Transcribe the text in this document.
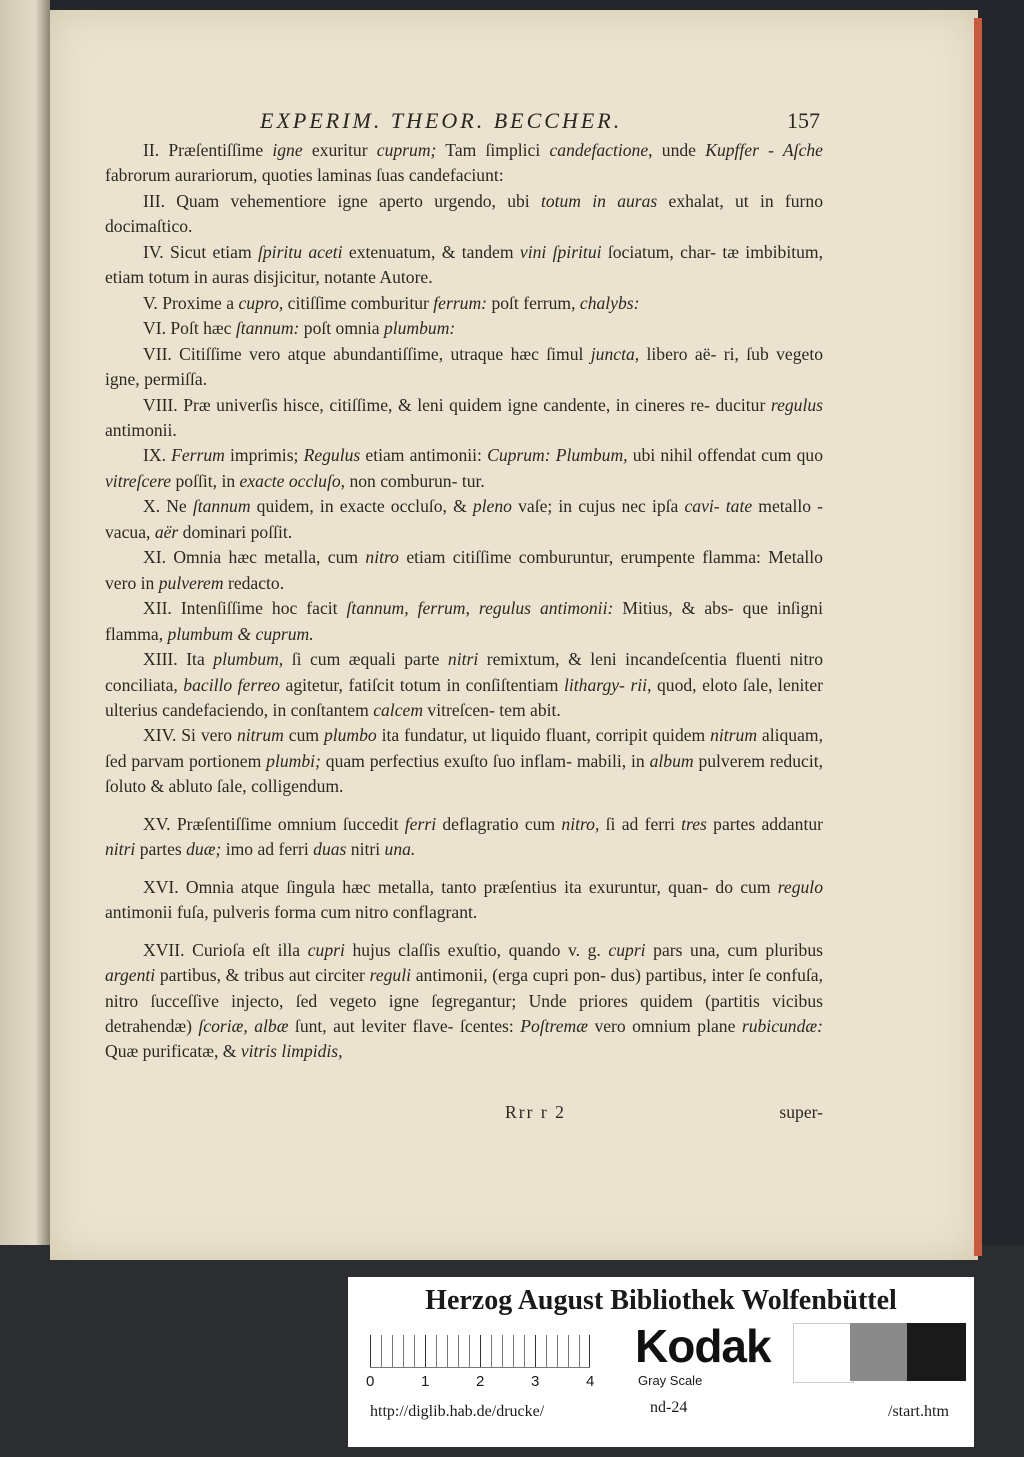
EXPERIM. THEOR. BECCHER.	157

II. Præſentiſſime igne exuritur cuprum; Tam ſimplici candefactione, unde Kupffer - Aſche fabrorum aurariorum, quoties laminas ſuas candefaciunt:

III. Quam vehementiore igne aperto urgendo, ubi totum in auras exhalat, ut in furno docimaſtico.

IV. Sicut etiam ſpiritu aceti extenuatum, & tandem vini ſpiritui ſociatum, char- tæ imbibitum, etiam totum in auras disjicitur, notante Autore.

V. Proxime a cupro, citiſſime comburitur ferrum: poſt ferrum, chalybs:

VI. Poſt hæc ſtannum: poſt omnia plumbum:

VII. Citiſſime vero atque abundantiſſime, utraque hæc ſimul juncta, libero aë- ri, ſub vegeto igne, permiſſa.

VIII. Præ univerſis hisce, citiſſime, & leni quidem igne candente, in cineres re- ducitur regulus antimonii.

IX. Ferrum imprimis; Regulus etiam antimonii: Cuprum: Plumbum, ubi nihil offendat cum quo vitreſcere poſſit, in exacte occluſo, non comburun- tur.

X. Ne ſtannum quidem, in exacte occluſo, & pleno vaſe; in cujus nec ipſa cavi- tate metallo - vacua, aër dominari poſſit.

XI. Omnia hæc metalla, cum nitro etiam citiſſime comburuntur, erumpente flamma: Metallo vero in pulverem redacto.

XII. Intenſiſſime hoc facit ſtannum, ferrum, regulus antimonii: Mitius, & abs- que inſigni flamma, plumbum & cuprum.

XIII. Ita plumbum, ſi cum æquali parte nitri remixtum, & leni incandeſcentia fluenti nitro conciliata, bacillo ferreo agitetur, fatiſcit totum in conſiſtentiam lithargy- rii, quod, eloto ſale, leniter ulterius candefaciendo, in conſtantem calcem vitreſcen- tem abit.

XIV. Si vero nitrum cum plumbo ita fundatur, ut liquido fluant, corripit quidem nitrum aliquam, ſed parvam portionem plumbi; quam perfectius exuſto ſuo inflam- mabili, in album pulverem reducit, ſoluto & abluto ſale, colligendum.

XV. Præſentiſſime omnium ſuccedit ferri deflagratio cum nitro, ſi ad ferri tres partes addantur nitri partes duæ; imo ad ferri duas nitri una.

XVI. Omnia atque ſingula hæc metalla, tanto præſentius ita exuruntur, quan- do cum regulo antimonii fuſa, pulveris forma cum nitro conflagrant.

XVII. Curioſa eſt illa cupri hujus claſſis exuſtio, quando v. g. cupri pars una, cum pluribus argenti partibus, & tribus aut circiter reguli antimonii, (erga cupri pon- dus) partibus, inter ſe confuſa, nitro ſucceſſive injecto, ſed vegeto igne ſegregantur; Unde priores quidem (partitis vicibus detrahendæ) ſcoriæ, albæ ſunt, aut leviter flave- ſcentes: Poſtremæ vero omnium plane rubicundæ: Quæ purificatæ, & vitris limpidis,

Rrr r 2	super-
Herzog August Bibliothek Wolfenbüttel
0	1	2	3	4
Kodak
Gray Scale
http://diglib.hab.de/drucke/	nd-24	/start.htm
